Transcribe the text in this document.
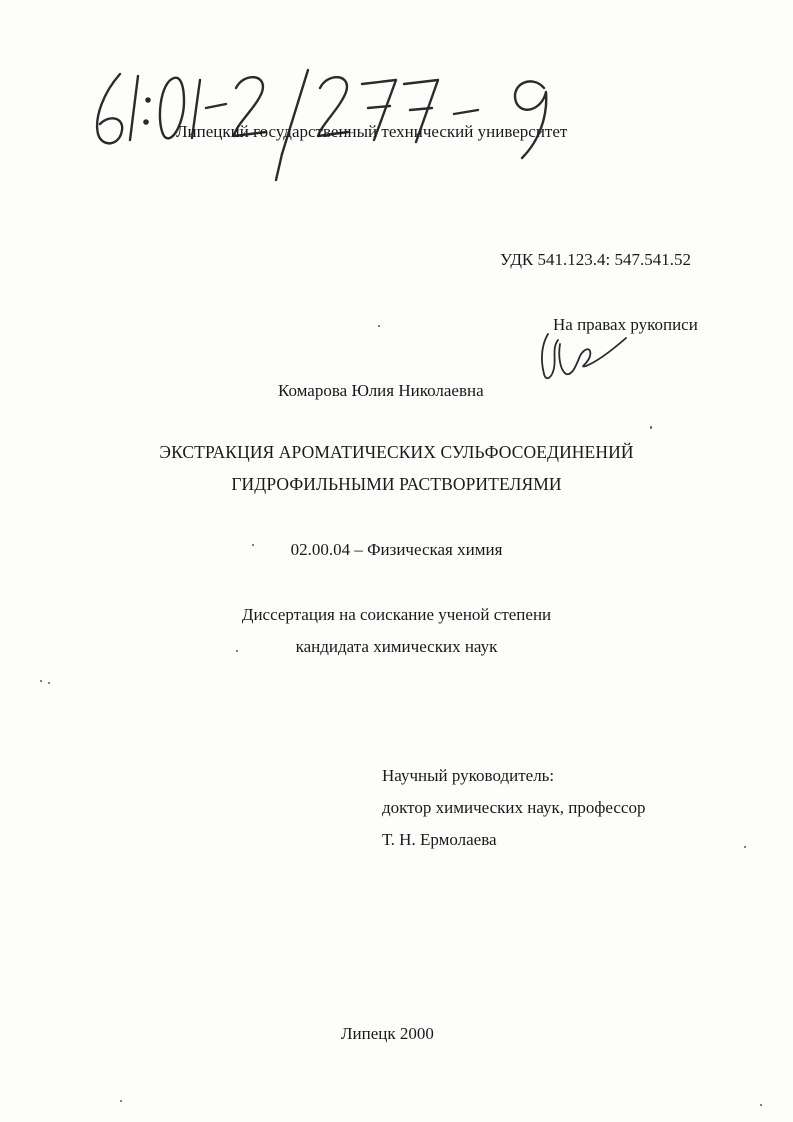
Липецкий государственный технический университет

УДК 541.123.4: 547.541.52

На правах рукописи

Комарова Юлия Николаевна

ЭКСТРАКЦИЯ АРОМАТИЧЕСКИХ СУЛЬФОСОЕДИНЕНИЙ

ГИДРОФИЛЬНЫМИ РАСТВОРИТЕЛЯМИ

02.00.04 – Физическая химия

Диссертация на соискание ученой степени

кандидата химических наук

Научный руководитель:

доктор химических наук, профессор

Т. Н. Ермолаева

Липецк 2000
